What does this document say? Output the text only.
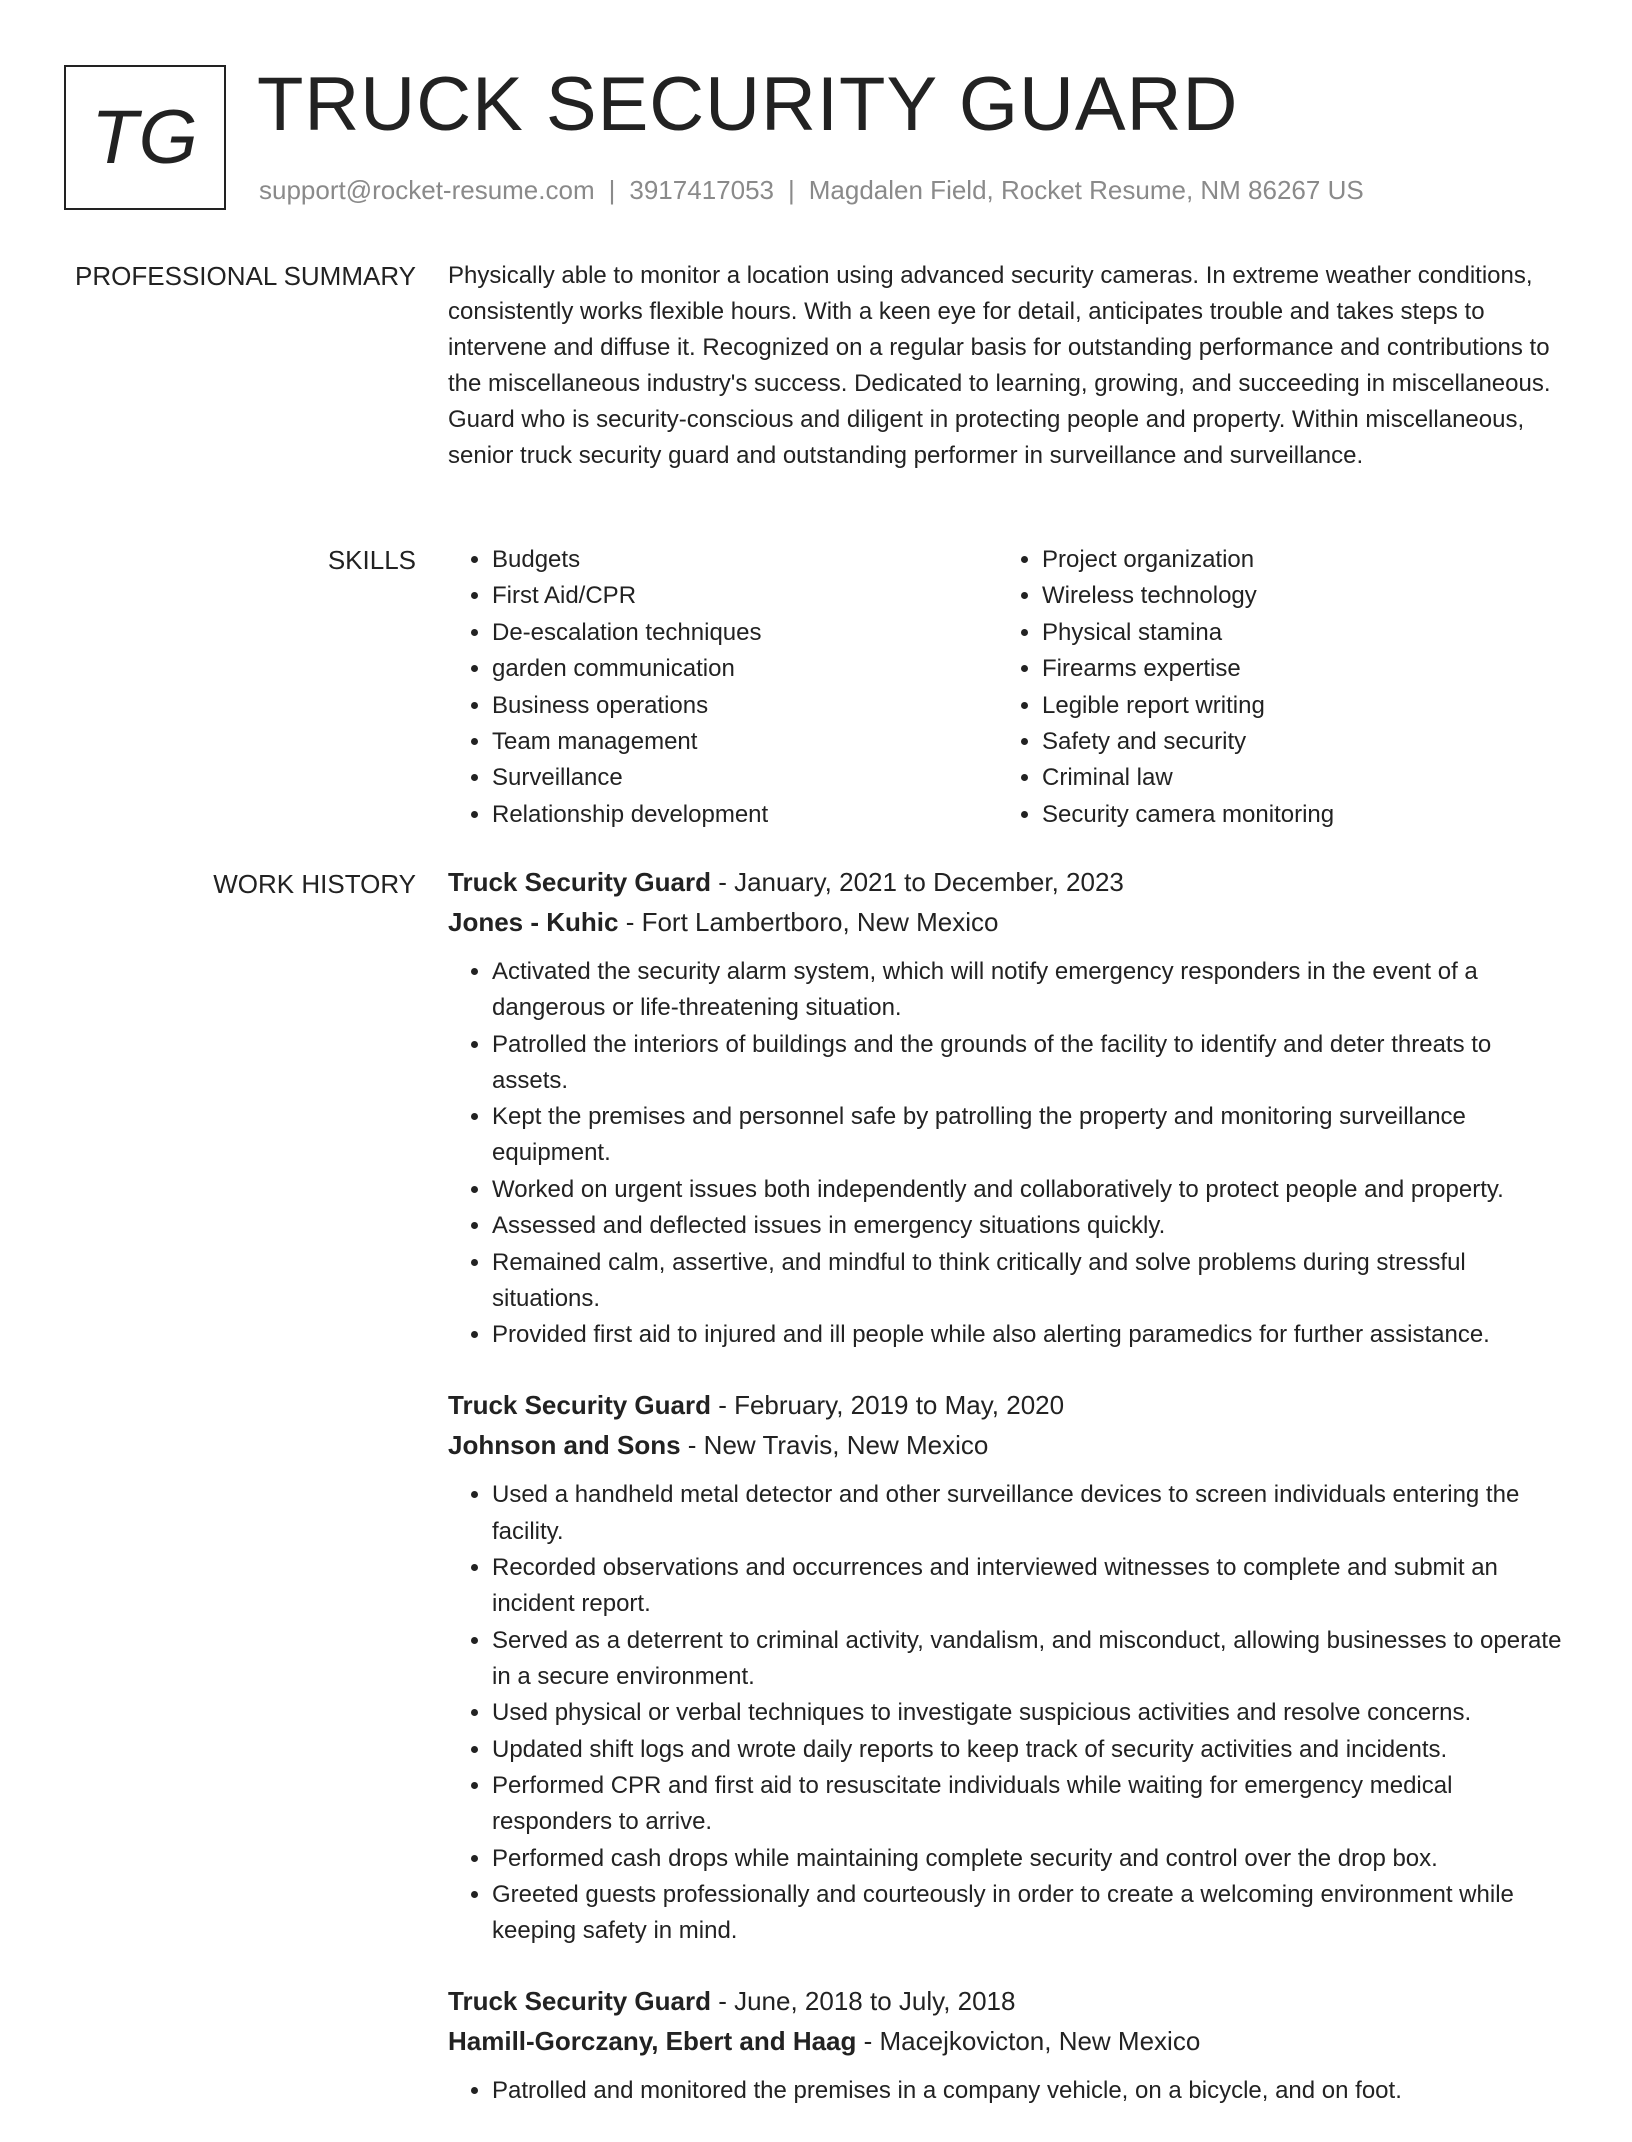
TG TRUCK SECURITY GUARD
support@rocket-resume.com | 3917417053 | Magdalen Field, Rocket Resume, NM 86267 US
PROFESSIONAL SUMMARY Physically able to monitor a location using advanced security cameras. In extreme weather conditions, consistently works flexible hours. With a keen eye for detail, anticipates trouble and takes steps to intervene and diffuse it. Recognized on a regular basis for outstanding performance and contributions to the miscellaneous industry's success. Dedicated to learning, growing, and succeeding in miscellaneous. Guard who is security-conscious and diligent in protecting people and property. Within miscellaneous, senior truck security guard and outstanding performer in surveillance and surveillance.

SKILLS
•	Budgets
• First Aid/CPR
• De-escalation techniques
• garden communication
• Business operations
• Team management
• Surveillance
• Relationship development
• Project organization
• Wireless technology
• Physical stamina
• Firearms expertise
• Legible report writing
• Safety and security
• Criminal law
• Security camera monitoring
WORK HISTORY Truck Security Guard - January, 2021 to December, 2023
Jones - Kuhic - Fort Lambertboro, New Mexico
• Activated the security alarm system, which will notify emergency responders in the event of a dangerous or life-threatening situation.
• Patrolled the interiors of buildings and the grounds of the facility to identify and deter threats to assets.
• Kept the premises and personnel safe by patrolling the property and monitoring surveillance equipment.
• Worked on urgent issues both independently and collaboratively to protect people and property.
• Assessed and deflected issues in emergency situations quickly.
• Remained calm, assertive, and mindful to think critically and solve problems during stressful situations.
• Provided first aid to injured and ill people while also alerting paramedics for further assistance.
Truck Security Guard - February, 2019 to May, 2020
Johnson and Sons - New Travis, New Mexico
• Used a handheld metal detector and other surveillance devices to screen individuals entering the facility.
• Recorded observations and occurrences and interviewed witnesses to complete and submit an incident report.
• Served as a deterrent to criminal activity, vandalism, and misconduct, allowing businesses to operate in a secure environment.
• Used physical or verbal techniques to investigate suspicious activities and resolve concerns.
• Updated shift logs and wrote daily reports to keep track of security activities and incidents.
• Performed CPR and first aid to resuscitate individuals while waiting for emergency medical responders to arrive.
• Performed cash drops while maintaining complete security and control over the drop box.
• Greeted guests professionally and courteously in order to create a welcoming environment while keeping safety in mind.
Truck Security Guard - June, 2018 to July, 2018
Hamill-Gorczany, Ebert and Haag - Macejkovicton, New Mexico
• Patrolled and monitored the premises in a company vehicle, on a bicycle, and on foot.
